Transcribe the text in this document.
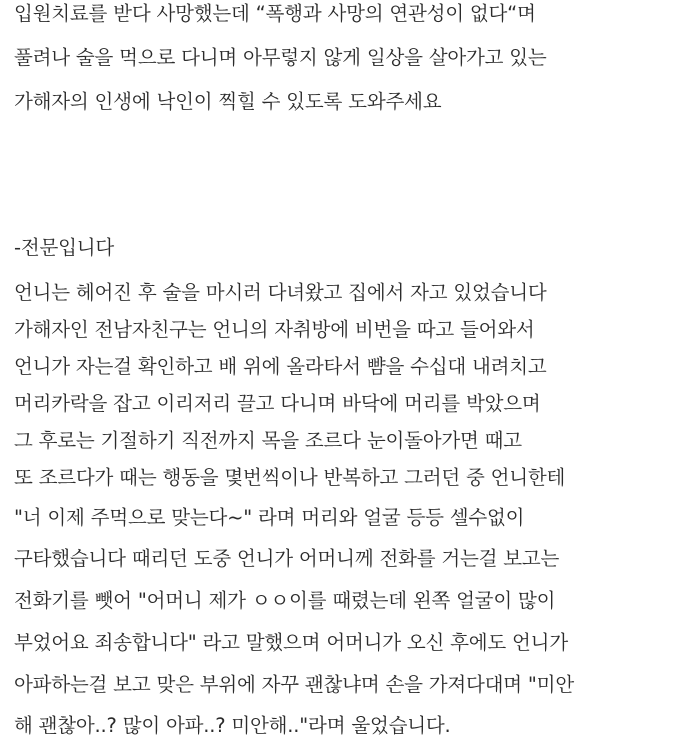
입원치료를 받다 사망했는데 “폭행과 사망의 연관성이 없다“며
풀려나 술을 먹으로 다니며 아무렇지 않게 일상을 살아가고 있는
가해자의 인생에 낙인이 찍힐 수 있도록 도와주세요
-전문입니다
언니는 헤어진 후 술을 마시러 다녀왔고 집에서 자고 있었습니다
가해자인 전남자친구는 언니의 자취방에 비번을 따고 들어와서
언니가 자는걸 확인하고 배 위에 올라타서 뺨을 수십대 내려치고
머리카락을 잡고 이리저리 끌고 다니며 바닥에 머리를 박았으며
그 후로는 기절하기 직전까지 목을 조르다 눈이돌아가면 때고
또 조르다가 때는 행동을 몇번씩이나 반복하고 그러던 중 언니한테
"너 이제 주먹으로 맞는다~" 라며 머리와 얼굴 등등 셀수없이
구타했습니다 때리던 도중 언니가 어머니께 전화를 거는걸 보고는
전화기를 뺏어 "어머니 제가 ㅇㅇ이를 때렸는데 왼쪽 얼굴이 많이
부었어요 죄송합니다" 라고 말했으며 어머니가 오신 후에도 언니가
아파하는걸 보고 맞은 부위에 자꾸 괜찮냐며 손을 가져다대며 "미안
해 괜찮아..? 많이 아파..? 미안해.."라며 울었습니다.
